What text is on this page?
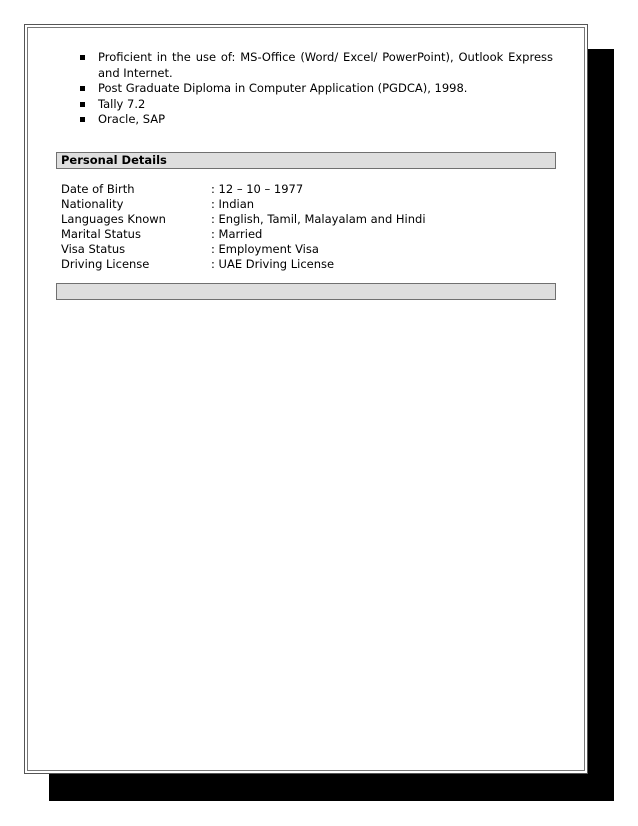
Proficient in the use of: MS-Office (Word/ Excel/ PowerPoint), Outlook Express and Internet.
Post Graduate Diploma in Computer Application (PGDCA), 1998.
Tally 7.2
Oracle, SAP
Personal Details
Date of Birth	: 12 – 10 – 1977
Nationality	: Indian
Languages Known	: English, Tamil, Malayalam and Hindi
Marital Status	: Married
Visa Status	: Employment Visa
Driving License	: UAE Driving License
